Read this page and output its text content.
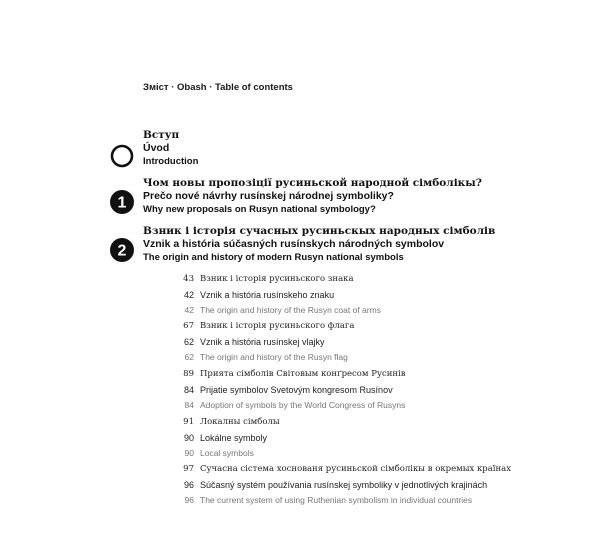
Зміст · Obash · Table of contents
Вступ
Úvod
Introduction
1
Чом новы пропозіції русиньской народной сімболікы?
Prečo nové návrhy rusínskej národnej symboliky?
Why new proposals on Rusyn national symbology?
2
Взник і історія сучасных русиньскых народных сімболів
Vznik a história súčasných rusínskych národných symbolov
The origin and history of modern Rusyn national symbols
43 Взник і історія русиньского знака
42 Vznik a história rusínskeho znaku
42 The origin and history of the Rusyn coat of arms
67 Взник і історія русиньского флага
62 Vznik a história rusínskej vlajky
62 The origin and history of the Rusyn flag
89 Прията сімболів Світовым конґресом Русинів
84 Prijatie symbolov Svetovým kongresom Rusínov
84 Adoption of symbols by the World Congress of Rusyns
91 Локалны сімболы
90 Lokálne symboly
90 Local symbols
97 Сучасна сістема хоснованя русиньской сімболікы в окремых країнах
96 Súčasný systém používania rusínskej symboliky v jednotlivých krajinách
96 The current system of using Ruthenian symbolism in individual countries
